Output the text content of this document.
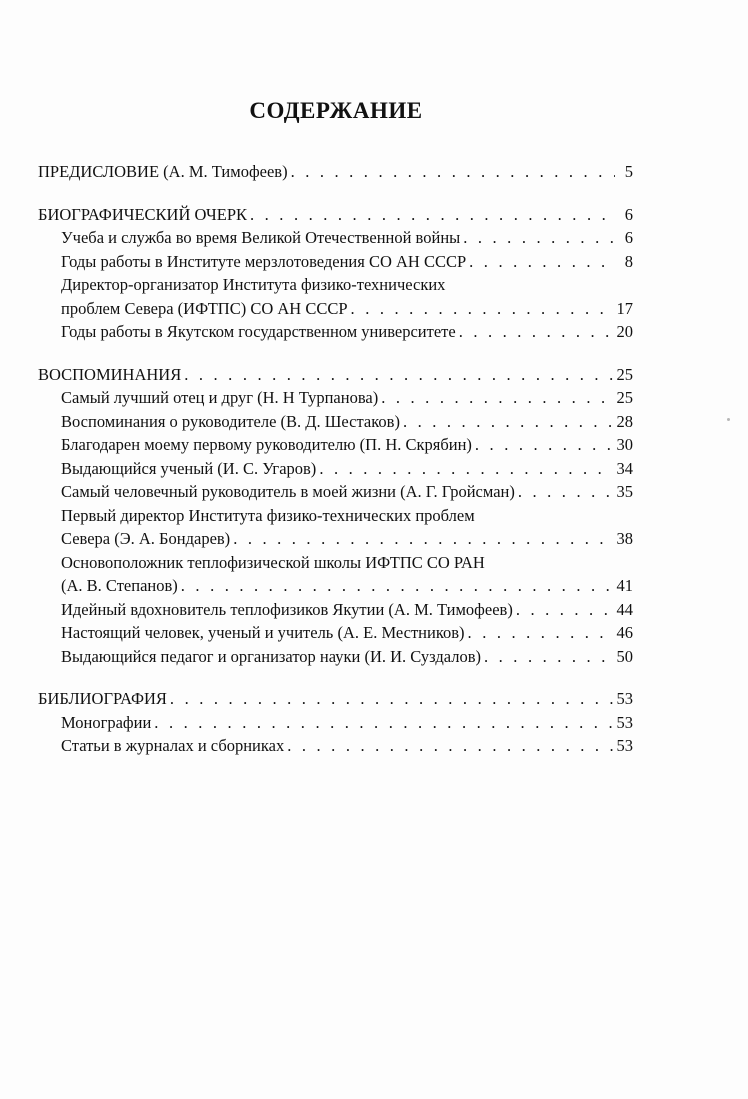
СОДЕРЖАНИЕ
ПРЕДИСЛОВИЕ (А. М. Тимофеев) . . .	5
БИОГРАФИЧЕСКИЙ ОЧЕРК . . .	6
Учеба и служба во время Великой Отечественной войны . . .	6
Годы работы в Институте мерзлотоведения СО АН СССР . . .	8
Директор-организатор Института физико-технических
проблем Севера (ИФТПС) СО АН СССР . . .	17
Годы работы в Якутском государственном университете . . .	20
ВОСПОМИНАНИЯ . . .	25
Самый лучший отец и друг (Н. Н Турпанова) . . .	25
Воспоминания о руководителе (В. Д. Шестаков) . . .	28
Благодарен моему первому руководителю (П. Н. Скрябин) . . .	30
Выдающийся ученый (И. С. Угаров) . . .	34
Самый человечный руководитель в моей жизни (А. Г. Гройсман) . . .	35
Первый директор Института физико-технических проблем
Севера (Э. А. Бондарев) . . .	38
Основоположник теплофизической школы ИФТПС СО РАН
(А. В. Степанов) . . .	41
Идейный вдохновитель теплофизиков Якутии (А. М. Тимофеев) . . .	44
Настоящий человек, ученый и учитель (А. Е. Местников) . . .	46
Выдающийся педагог и организатор науки (И. И. Суздалов) . . .	50
БИБЛИОГРАФИЯ . . .	53
Монографии . . .	53
Статьи в журналах и сборниках . . .	53
